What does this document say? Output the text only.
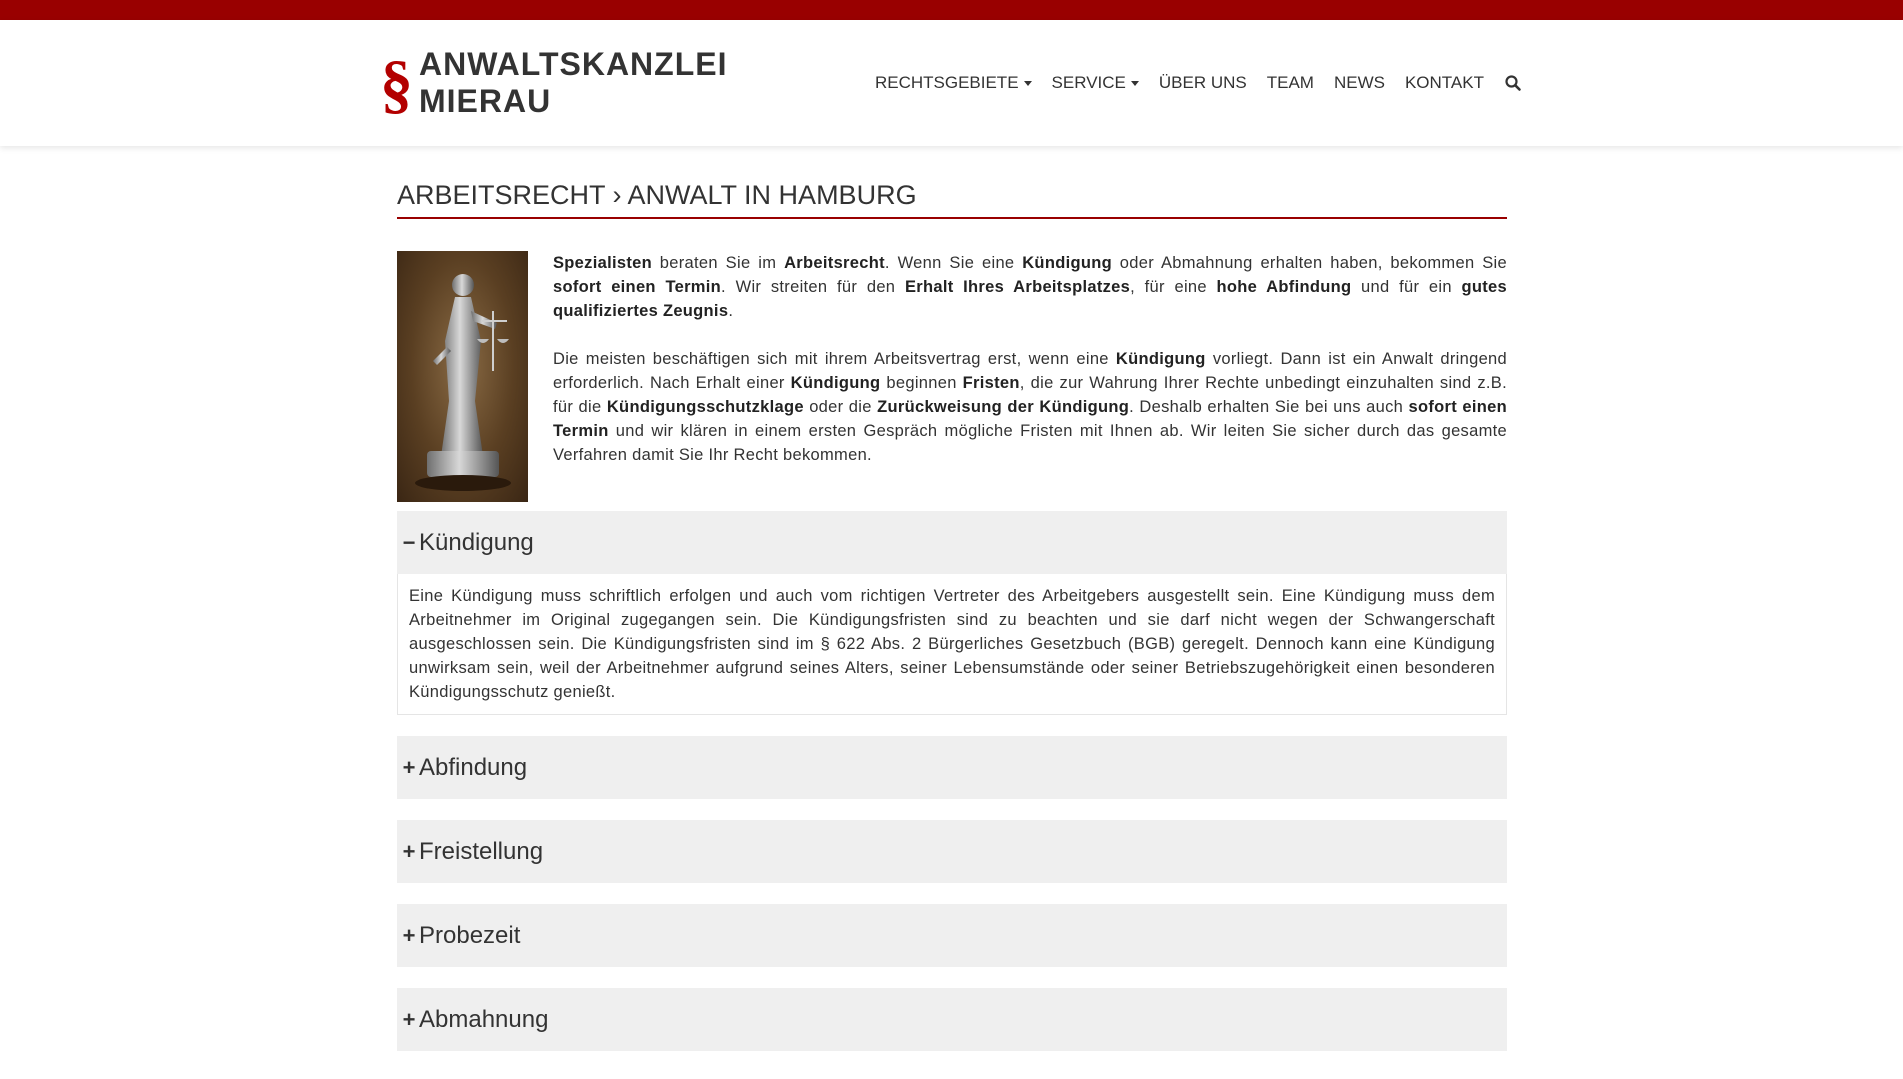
§ ANWALTSKANZLEI MIERAU
RECHTSGEBIETE SERVICE ÜBER UNS TEAM NEWS KONTAKT
ARBEITSRECHT › ANWALT IN HAMBURG

Spezialisten beraten Sie im Arbeitsrecht. Wenn Sie eine Kündigung oder Abmahnung erhalten haben, bekommen Sie sofort einen Termin. Wir streiten für den Erhalt Ihres Arbeitsplatzes, für eine hohe Abfindung und für ein gutes qualifiziertes Zeugnis.

Die meisten beschäftigen sich mit ihrem Arbeitsvertrag erst, wenn eine Kündigung vorliegt. Dann ist ein Anwalt dringend erforderlich. Nach Erhalt einer Kündigung beginnen Fristen, die zur Wahrung Ihrer Rechte unbedingt einzuhalten sind z.B. für die Kündigungsschutzklage oder die Zurückweisung der Kündigung. Deshalb erhalten Sie bei uns auch sofort einen Termin und wir klären in einem ersten Gespräch mögliche Fristen mit Ihnen ab. Wir leiten Sie sicher durch das gesamte Verfahren damit Sie Ihr Recht bekommen.

− Kündigung
Eine Kündigung muss schriftlich erfolgen und auch vom richtigen Vertreter des Arbeitgebers ausgestellt sein. Eine Kündigung muss dem Arbeitnehmer im Original zugegangen sein. Die Kündigungsfristen sind zu beachten und sie darf nicht wegen der Schwangerschaft ausgeschlossen sein. Die Kündigungsfristen sind im § 622 Abs. 2 Bürgerliches Gesetzbuch (BGB) geregelt. Dennoch kann eine Kündigung unwirksam sein, weil der Arbeitnehmer aufgrund seines Alters, seiner Lebensumstände oder seiner Betriebszugehörigkeit einen besonderen Kündigungsschutz genießt.
+ Abfindung
+ Freistellung
+ Probezeit
+ Abmahnung
